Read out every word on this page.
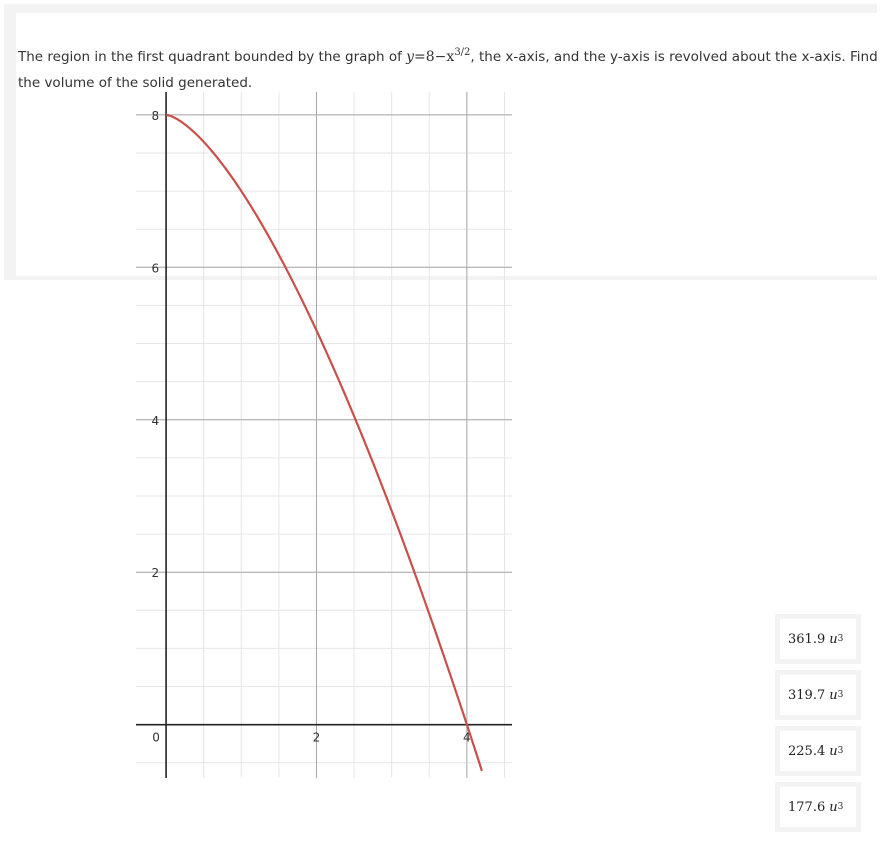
The region in the first quadrant bounded by the graph of $y=8-x^{3/2}$, the x-axis, and the y-axis is revolved about the x-axis. Find the volume of the solid generated.
2
4
6
8
0	2	4
361.9 u 3
319.7 u 3
225.4 u 3
177.6 u 3
